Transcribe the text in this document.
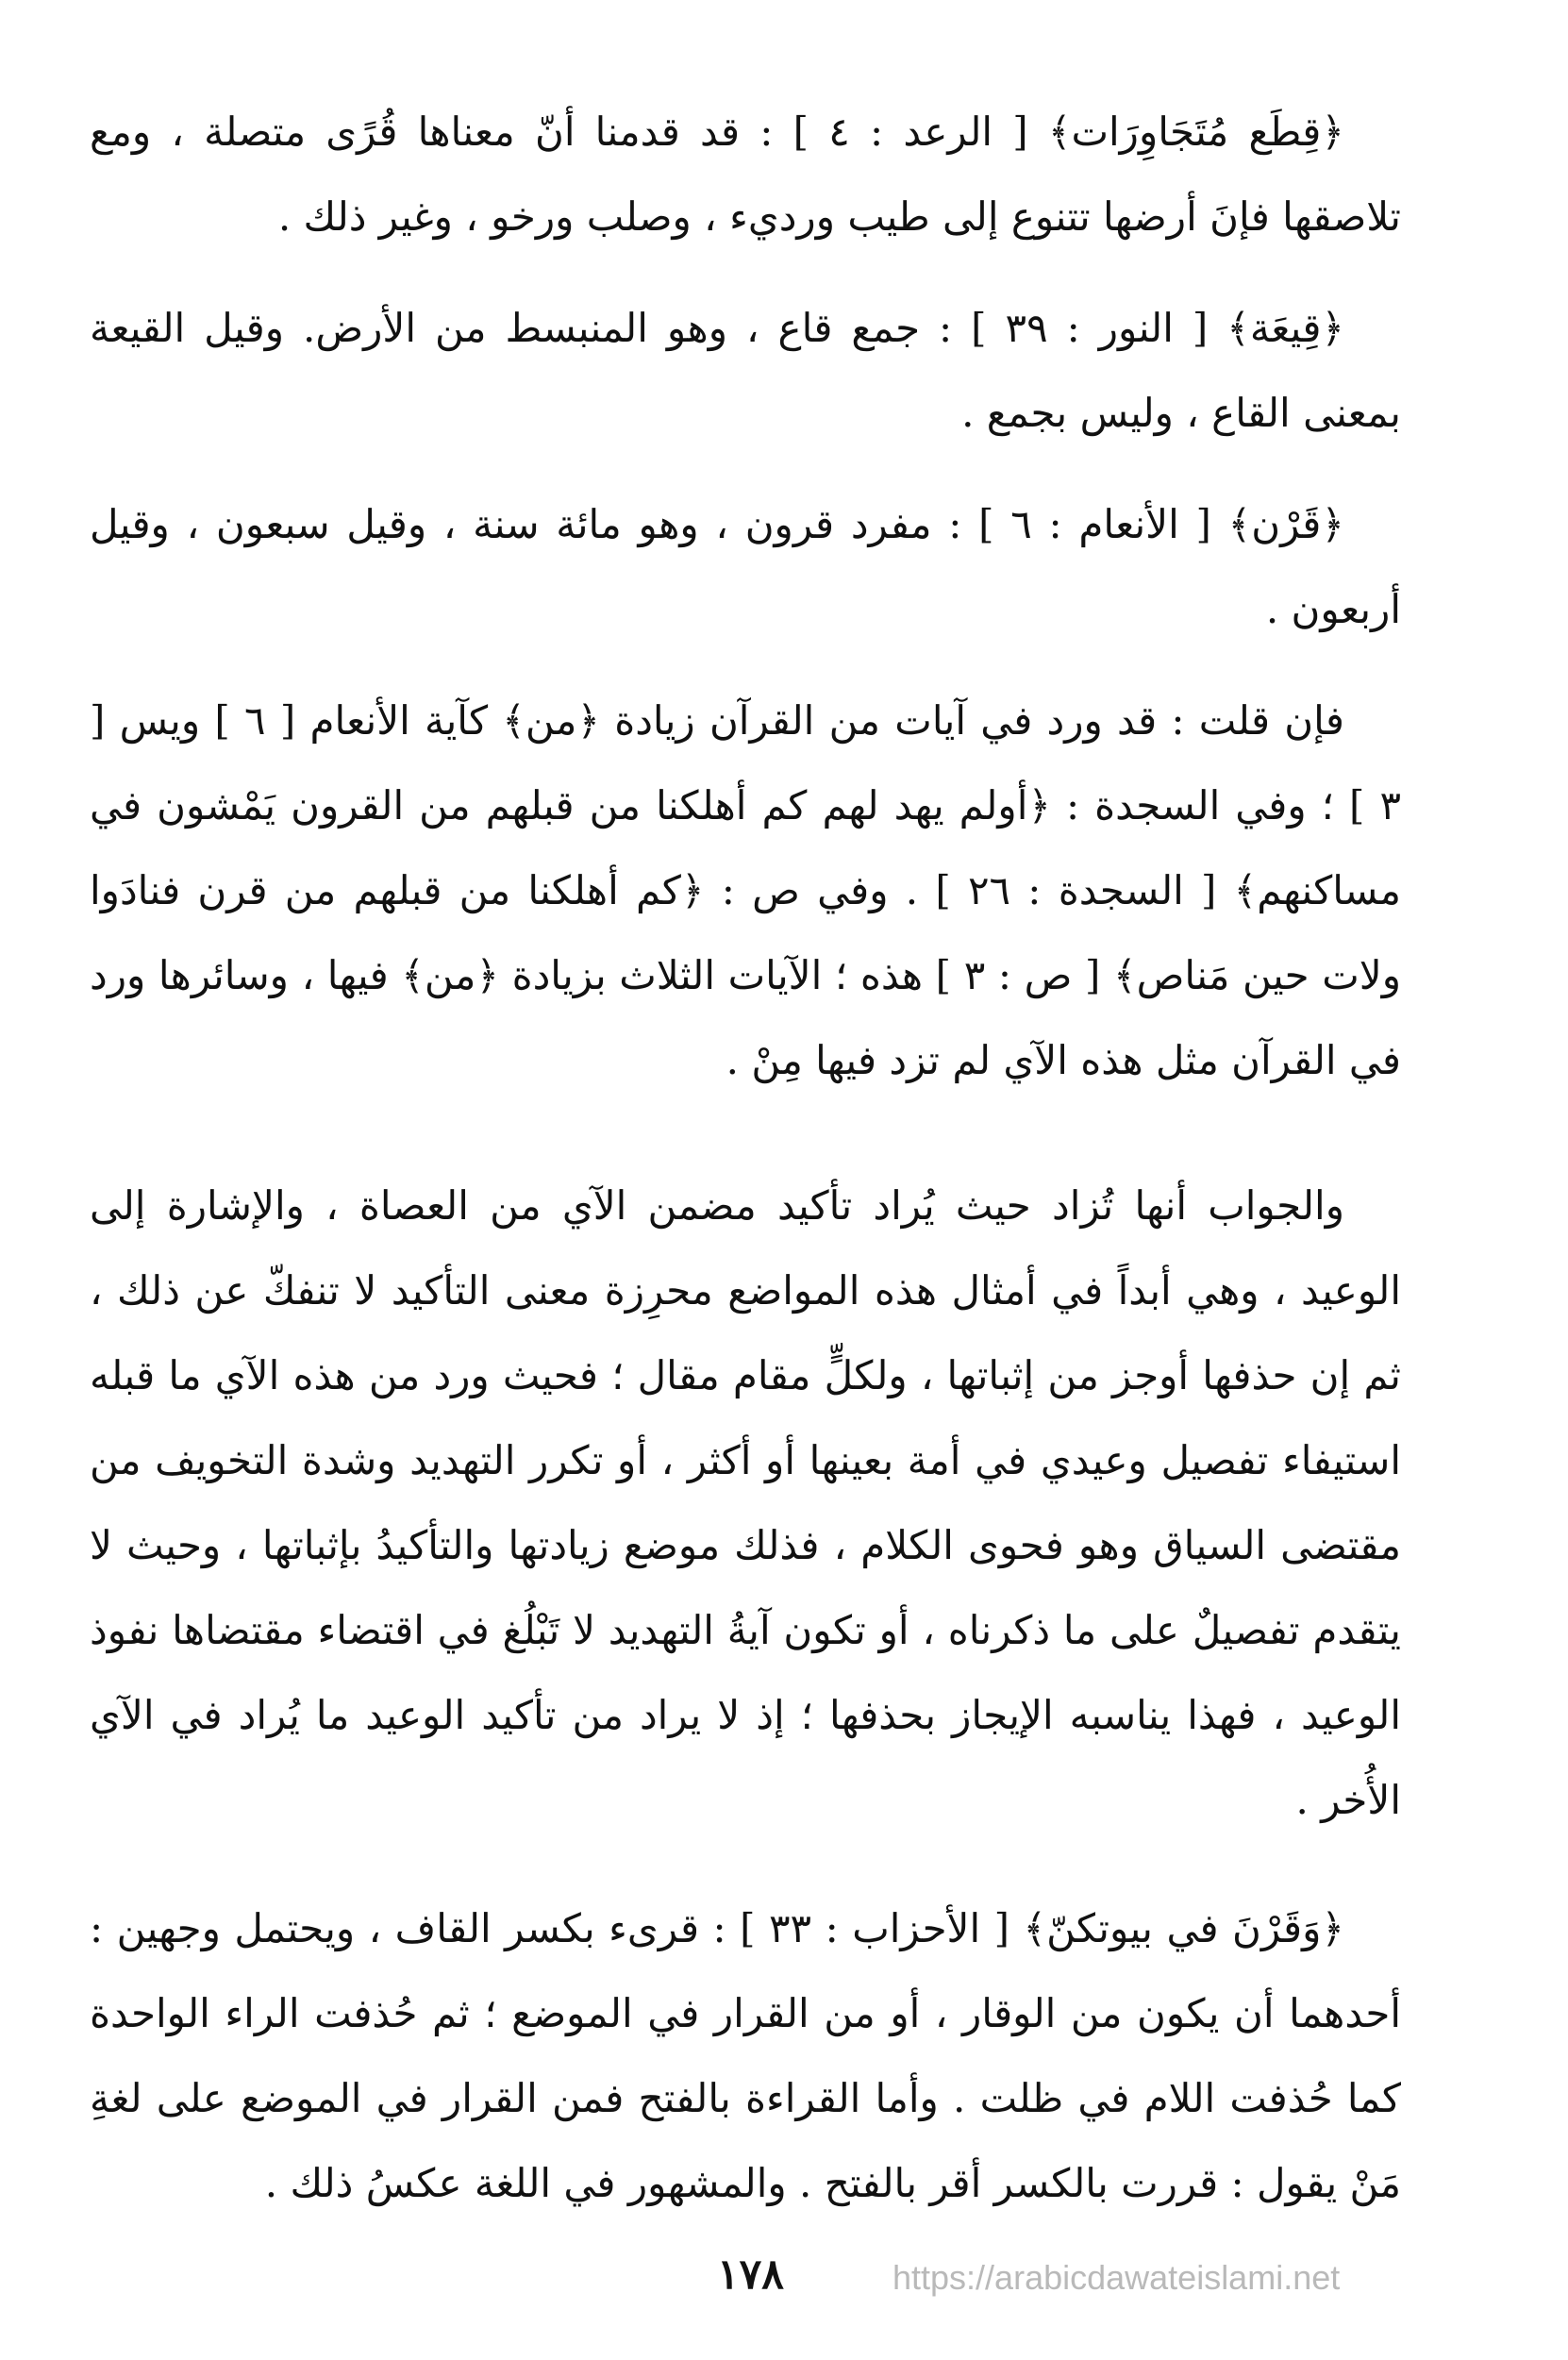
﴿قِطَع مُتَجَاوِرَات﴾ [ الرعد : ٤ ] : قد قدمنا أنّ معناها قُرًى متصلة ، ومع تلاصقها فإنَ أرضها تتنوع إلى طيب ورديء ، وصلب ورخو ، وغير ذلك .

﴿قِيعَة﴾ [ النور : ٣٩ ] : جمع قاع ، وهو المنبسط من الأرض. وقيل القيعة بمعنى القاع ، وليس بجمع .

﴿قَرْن﴾ [ الأنعام : ٦ ] : مفرد قرون ، وهو مائة سنة ، وقيل سبعون ، وقيل أربعون .

فإن قلت : قد ورد في آيات من القرآن زيادة ﴿من﴾ كآية الأنعام [ ٦ ] ويس [ ٣ ] ؛ وفي السجدة : ﴿أولم يهد لهم كم أهلكنا من قبلهم من القرون يَمْشون في مساكنهم﴾ [ السجدة : ٢٦ ] . وفي ص : ﴿كم أهلكنا من قبلهم من قرن فنادَوا ولات حين مَناص﴾ [ ص : ٣ ] هذه ؛ الآيات الثلاث بزيادة ﴿من﴾ فيها ، وسائرها ورد في القرآن مثل هذه الآي لم تزد فيها مِنْ .

والجواب أنها تُزاد حيث يُراد تأكيد مضمن الآي من العصاة ، والإشارة إلى الوعيد ، وهي أبداً في أمثال هذه المواضع محرِزة معنى التأكيد لا تنفكّ عن ذلك ، ثم إن حذفها أوجز من إثباتها ، ولكلٍّ مقام مقال ؛ فحيث ورد من هذه الآي ما قبله استيفاء تفصيل وعيدي في أمة بعينها أو أكثر ، أو تكرر التهديد وشدة التخويف من مقتضى السياق وهو فحوى الكلام ، فذلك موضع زيادتها والتأكيدُ بإثباتها ، وحيث لا يتقدم تفصيلٌ على ما ذكرناه ، أو تكون آيةُ التهديد لا تَبْلُغ في اقتضاء مقتضاها نفوذ الوعيد ، فهذا يناسبه الإيجاز بحذفها ؛ إذ لا يراد من تأكيد الوعيد ما يُراد في الآي الأُخر .

﴿وَقَرْنَ في بيوتكنّ﴾ [ الأحزاب : ٣٣ ] : قرىء بكسر القاف ، ويحتمل وجهين : أحدهما أن يكون من الوقار ، أو من القرار في الموضع ؛ ثم حُذفت الراء الواحدة كما حُذفت اللام في ظلت . وأما القراءة بالفتح فمن القرار في الموضع على لغةِ مَنْ يقول : قررت بالكسر أقر بالفتح . والمشهور في اللغة عكسُ ذلك .

١٧٨	https://arabicdawateislami.net
